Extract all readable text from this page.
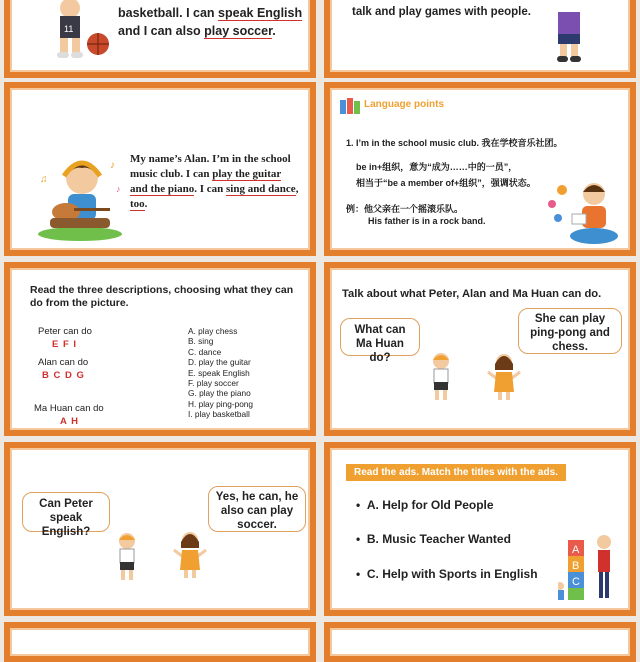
11
basketball. I can speak English
and I can also play soccer.
talk and play games with people.
♪
♫
♪
My name’s Alan. I’m in the school
music club. I can play the guitar
and the piano. I can sing and dance,
too.
Language points
1. I’m in the school music club. 我在学校音乐社团。
be in+组织，意为“成为……中的一员”，
相当于“be a member of+组织”，强调状态。
例：他父亲在一个摇滚乐队。
His father is in a rock band.
Read the three descriptions, choosing what they can do from the picture.
Peter can do
E F I
Alan can do
B C D G
Ma Huan can do
A H

A. play chess

B. sing

C. dance

D. play the guitar

E. speak English

F. play soccer

G. play the piano

H. play ping-pong

I. play basketball

Talk about what Peter, Alan and Ma Huan can do.
What can Ma Huan do?
She can play ping-pong and chess.
Can Peter speak English?
Yes, he can, he also can play soccer.
Read the ads. Match the titles with the ads.
• A. Help for Old People
• B. Music Teacher Wanted
• C. Help with Sports in English
A
B
C
